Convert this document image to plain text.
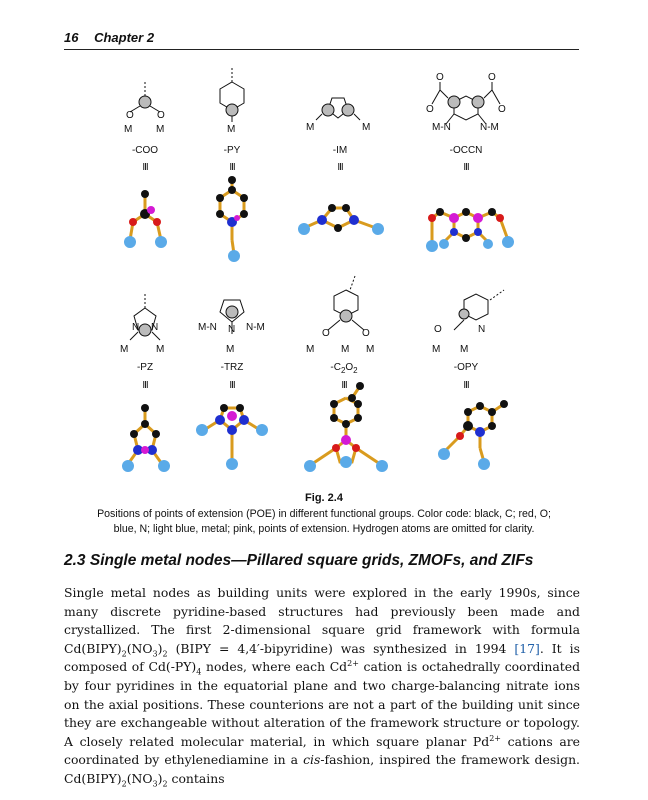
16 Chapter 2
O O
M M	M	M	M
O	O
O	O
M-N	N-M
N N
M	M
M-N	N-M
N
M
O	O
M	M M
O	N
M M
-COO	-PY	-IM	-OCCN
III	III	III	III
-PZ	-TRZ	$-C_2O_2$	-OPY
III	III	III	III
Fig. 2.4
Positions of points of extension (POE) in different functional groups. Color code: black, C; red, O;
blue, N; light blue, metal; pink, points of extension. Hydrogen atoms are omitted for clarity.
2.3 Single metal nodes—Pillared square grids, ZMOFs, and ZIFs

Single metal nodes as building units were explored in the early 1990s, since many discrete pyridine-based structures had previously been made and crystallized. The first 2-dimensional square grid framework with formula $Cd(BIPY)_2(NO_3)_2$ (BIPY = 4,4′-bipyridine) was synthesized in 1994 [17]. It is composed of $Cd(-PY)_4$ nodes, where each $Cd^{2+}$ cation is octahedrally coordinated by four pyridines in the equatorial plane and two charge-balancing nitrate ions on the axial positions. These counterions are not a part of the building unit since they are exchangeable without alteration of the framework structure or topology. A closely related molecular material, in which square planar $Pd^{2+}$ cations are coordinated by ethylenediamine in a cis-fashion, inspired the framework design. $Cd(BIPY)_2(NO_3)_2$ contains
